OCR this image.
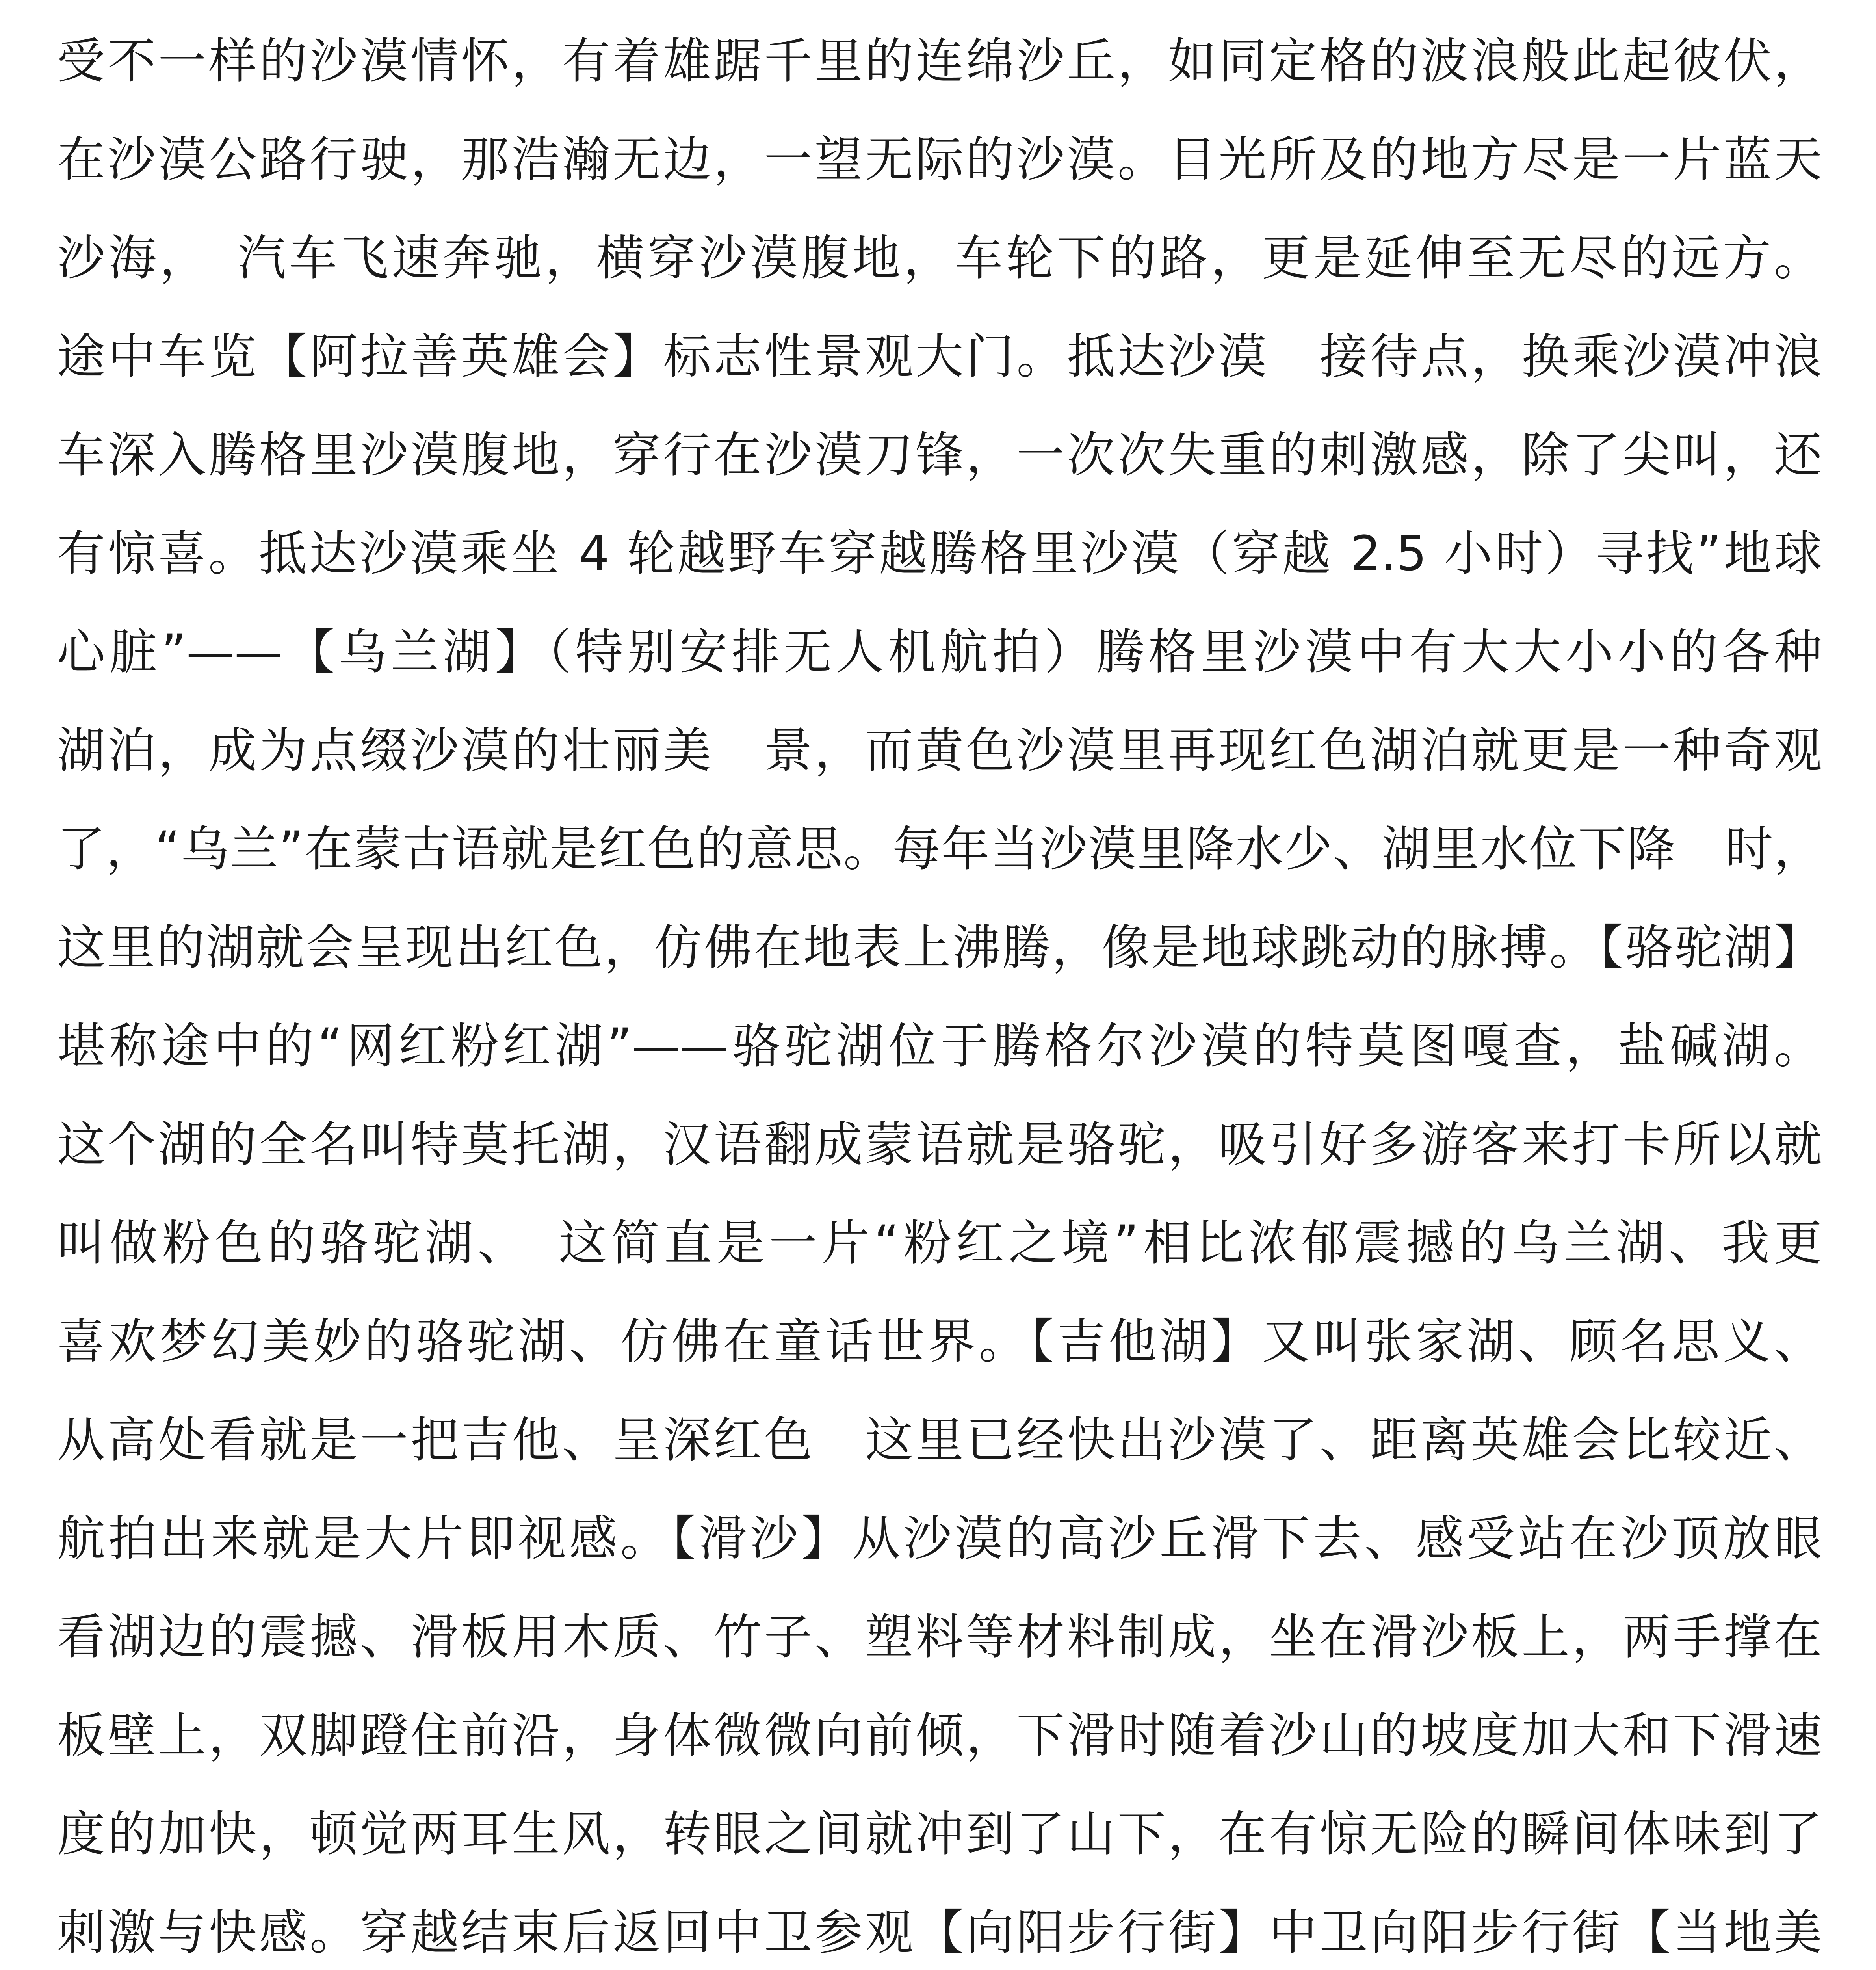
受不一样的沙漠情怀，有着雄踞千里的连绵沙丘，如同定格的波浪般此起彼伏，
在沙漠公路行驶，那浩瀚无边，一望无际的沙漠。目光所及的地方尽是一片蓝天
沙海，　汽车飞速奔驰，横穿沙漠腹地，车轮下的路，更是延伸至无尽的远方。
途中车览【阿拉善英雄会】标志性景观大门。抵达沙漠　接待点，换乘沙漠冲浪
车深入腾格里沙漠腹地，穿行在沙漠刀锋，一次次失重的刺激感，除了尖叫，还
有惊喜。抵达沙漠乘坐 4 轮越野车穿越腾格里沙漠（穿越 2.5 小时）寻找”地球
心脏”——【乌兰湖】（特别安排无人机航拍）腾格里沙漠中有大大小小的各种
湖泊，成为点缀沙漠的壮丽美　景，而黄色沙漠里再现红色湖泊就更是一种奇观
了，“乌兰”在蒙古语就是红色的意思。每年当沙漠里降水少、湖里水位下降　时，
这里的湖就会呈现出红色，仿佛在地表上沸腾，像是地球跳动的脉搏。【骆驼湖】
堪称途中的“网红粉红湖”——骆驼湖位于腾格尔沙漠的特莫图嘎查，盐碱湖。
这个湖的全名叫特莫托湖，汉语翻成蒙语就是骆驼，吸引好多游客来打卡所以就
叫做粉色的骆驼湖、　这简直是一片“粉红之境”相比浓郁震撼的乌兰湖、我更
喜欢梦幻美妙的骆驼湖、仿佛在童话世界。【吉他湖】又叫张家湖、顾名思义、
从高处看就是一把吉他、呈深红色　这里已经快出沙漠了、距离英雄会比较近、
航拍出来就是大片即视感。【滑沙】从沙漠的高沙丘滑下去、感受站在沙顶放眼
看湖边的震撼、滑板用木质、竹子、塑料等材料制成，坐在滑沙板上，两手撑在
板壁上，双脚蹬住前沿，身体微微向前倾，下滑时随着沙山的坡度加大和下滑速
度的加快，顿觉两耳生风，转眼之间就冲到了山下，在有惊无险的瞬间体味到了
刺激与快感。穿越结束后返回中卫参观【向阳步行街】中卫向阳步行街【当地美
